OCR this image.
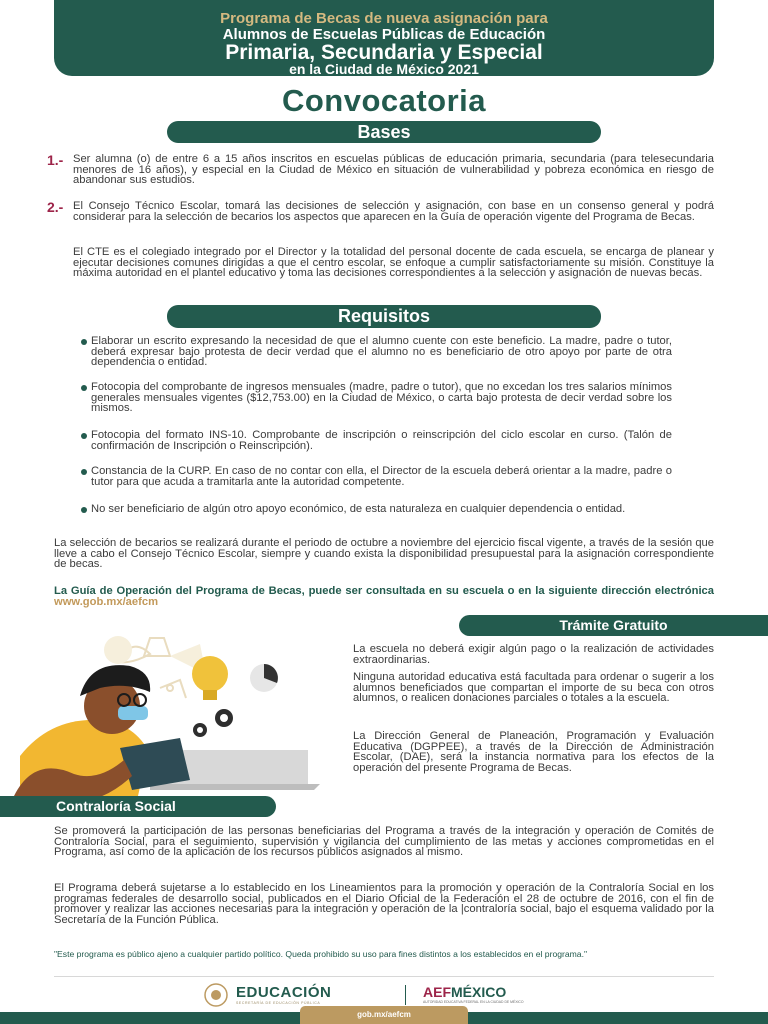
Programa de Becas de nueva asignación para
Alumnos de Escuelas Públicas de Educación
Primaria, Secundaria y Especial
en la Ciudad de México 2021
Convocatoria
Bases
1.- Ser alumna (o) de entre 6 a 15 años inscritos en escuelas públicas de educación primaria, secundaria (para telesecundaria menores de 16 años), y especial en la Ciudad de México en situación de vulnerabilidad y pobreza económica en riesgo de abandonar sus estudios.
2.- El Consejo Técnico Escolar, tomará las decisiones de selección y asignación, con base en un consenso general y podrá considerar para la selección de becarios los aspectos que aparecen en la Guía de operación vigente del Programa de Becas.
El CTE es el colegiado integrado por el Director y la totalidad del personal docente de cada escuela, se encarga de planear y ejecutar decisiones comunes dirigidas a que el centro escolar, se enfoque a cumplir satisfactoriamente su misión. Constituye la máxima autoridad en el plantel educativo y toma las decisiones correspondientes a la selección y asignación de nuevas becas.
Requisitos
Elaborar un escrito expresando la necesidad de que el alumno cuente con este beneficio. La madre, padre o tutor, deberá expresar bajo protesta de decir verdad que el alumno no es beneficiario de otro apoyo por parte de otra dependencia o entidad.
Fotocopia del comprobante de ingresos mensuales (madre, padre o tutor), que no excedan los tres salarios mínimos generales mensuales vigentes ($12,753.00) en la Ciudad de México, o carta bajo protesta de decir verdad sobre los mismos.
Fotocopia del formato INS-10. Comprobante de inscripción o reinscripción del ciclo escolar en curso. (Talón de confirmación de Inscripción o Reinscripción).
Constancia de la CURP. En caso de no contar con ella, el Director de la escuela deberá orientar a la madre, padre o tutor para que acuda a tramitarla ante la autoridad competente.
No ser beneficiario de algún otro apoyo económico, de esta naturaleza en cualquier dependencia o entidad.
La selección de becarios se realizará durante el periodo de octubre a noviembre del ejercicio fiscal vigente, a través de la sesión que lleve a cabo el Consejo Técnico Escolar, siempre y cuando exista la disponibilidad presupuestal para la asignación correspondiente de becas.
La Guía de Operación del Programa de Becas, puede ser consultada en su escuela o en la siguiente dirección electrónica www.gob.mx/aefcm
Trámite Gratuito
La escuela no deberá exigir algún pago o la realización de actividades extraordinarias.
Ninguna autoridad educativa está facultada para ordenar o sugerir a los alumnos beneficiados que compartan el importe de su beca con otros alumnos, o realicen donaciones parciales o totales a la escuela.
La Dirección General de Planeación, Programación y Evaluación Educativa (DGPPEE), a través de la Dirección de Administración Escolar, (DAE), será la instancia normativa para los efectos de la operación del presente Programa de Becas.
Contraloría Social
Se promoverá la participación de las personas beneficiarias del Programa a través de la integración y operación de Comités de Contraloría Social, para el seguimiento, supervisión y vigilancia del cumplimiento de las metas y acciones comprometidas en el Programa, así como de la aplicación de los recursos públicos asignados al mismo.
El Programa deberá sujetarse a lo establecido en los Lineamientos para la promoción y operación de la Contraloría Social en los programas federales de desarrollo social, publicados en el Diario Oficial de la Federación el 28 de octubre de 2016, con el fin de promover y realizar las acciones necesarias para la integración y operación de la |contraloría social, bajo el esquema validado por la Secretaría de la Función Pública.
"Este programa es público ajeno a cualquier partido político. Queda prohibido su uso para fines distintos a los establecidos en el programa."
EDUCACIÓN
SECRETARÍA DE EDUCACIÓN PÚBLICA
AEFMÉXICO
AUTORIDAD EDUCATIVA FEDERAL EN LA CIUDAD DE MÉXICO
gob.mx/aefcm
